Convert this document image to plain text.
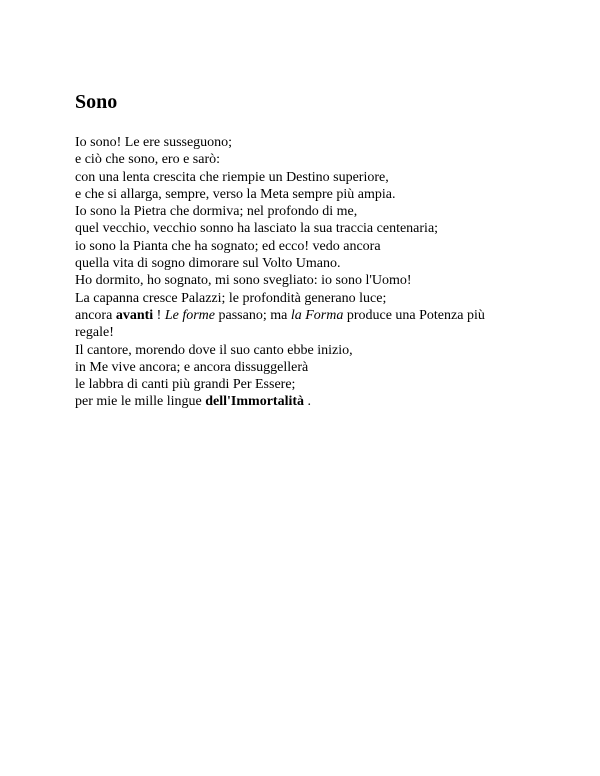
Sono
Io sono! Le ere susseguono;
e ciò che sono, ero e sarò:
con una lenta crescita che riempie un Destino superiore,
e che si allarga, sempre, verso la Meta sempre più ampia.
Io sono la Pietra che dormiva; nel profondo di me,
quel vecchio, vecchio sonno ha lasciato la sua traccia centenaria;
io sono la Pianta che ha sognato; ed ecco! vedo ancora
quella vita di sogno dimorare sul Volto Umano.
Ho dormito, ho sognato, mi sono svegliato: io sono l'Uomo!
La capanna cresce Palazzi; le profondità generano luce;
ancora avanti ! Le forme passano; ma la Forma produce una Potenza più regale!
Il cantore, morendo dove il suo canto ebbe inizio,
in Me vive ancora; e ancora dissuggellerà
le labbra di canti più grandi Per Essere;
per mie le mille lingue dell'Immortalità .
